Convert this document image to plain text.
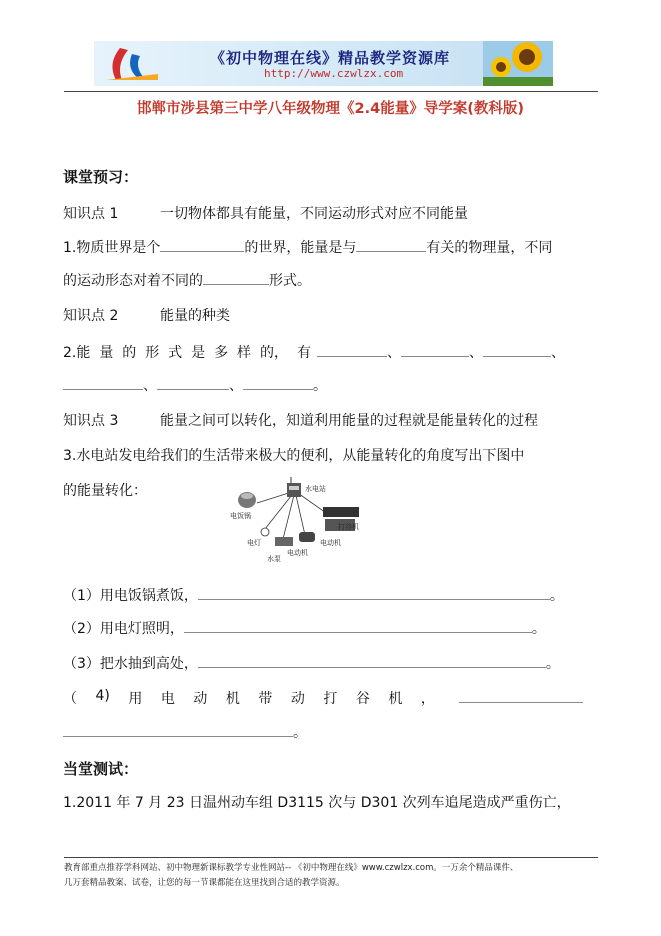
《初中物理在线》精品教学资源库
http://www.czwlzx.com
邯郸市涉县第三中学八年级物理《2.4能量》导学案(教科版)
课堂预习：
知识点 1	一切物体都具有能量，不同运动形式对应不同能量
1.物质世界是个	的世界，能量是与	有关的物理量，不同
的运动形态对着不同的	形式。
知识点 2	能量的种类
2.能 量 的 形 式 是 多 样 的， 有	、	、	、
、	、	。
知识点 3	能量之间可以转化，知道利用能量的过程就是能量转化的过程
3.水电站发电给我们的生活带来极大的便利，从能量转化的角度写出下图中
的能量转化：	水电站
电饭锅
电灯
水泵
电动机
打谷机
电动机
（1）用电饭锅煮饭，	。
（2）用电灯照明，	。
（3）把水抽到高处，	。
（ 4) 用 电 动 机 带 动 打 谷 机 ，
。
当堂测试：
1.2011 年 7 月 23 日温州动车组 D3115 次与 D301 次列车追尾造成严重伤亡，
教育部重点推荐学科网站、初中物理新课标教学专业性网站-- 《初中物理在线》www.czwlzx.com。一万余个精品课件、
几万套精品教案、试卷，让您的每一节课都能在这里找到合适的教学资源。
